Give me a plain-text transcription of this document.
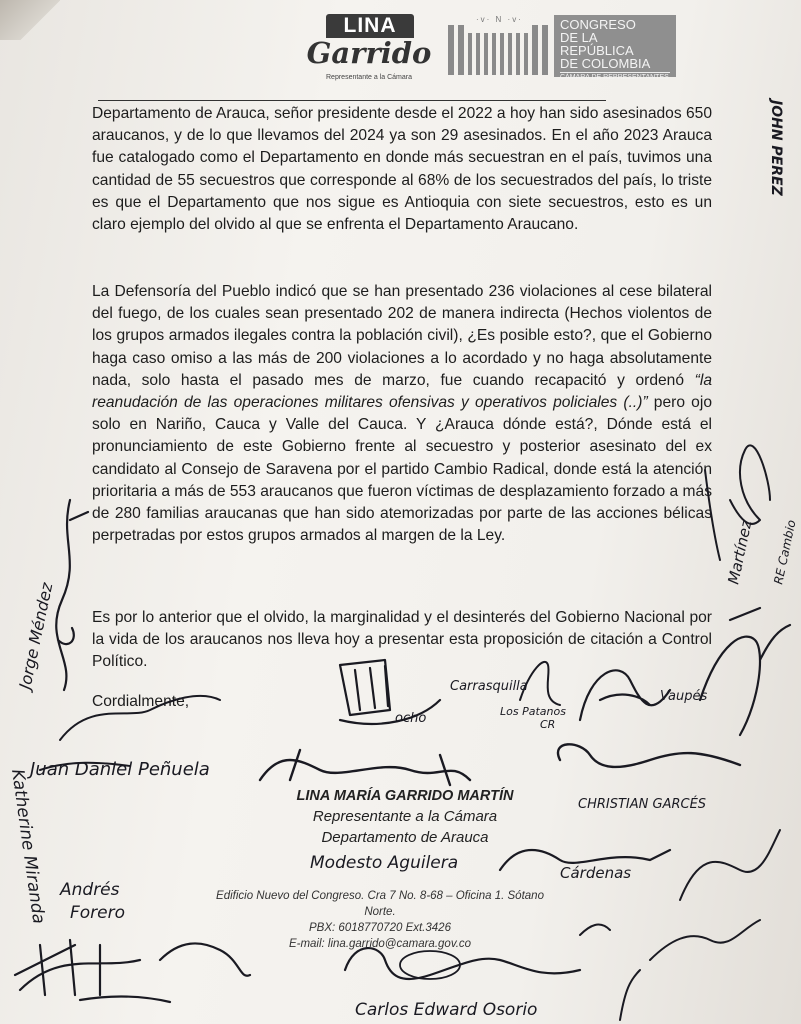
LINA
Garrido
Representante a la Cámara
·v· N ·v·	CONGRESO
DE LA REPÚBLICA
DE COLOMBIA
CÁMARA DE REPRESENTANTES

Departamento de Arauca, señor presidente desde el 2022 a hoy han sido asesinados 650 araucanos, y de lo que llevamos del 2024 ya son 29 asesinados. En el año 2023 Arauca fue catalogado como el Departamento en donde más secuestran en el país, tuvimos una cantidad de 55 secuestros que corresponde al 68% de los secuestrados del país, lo triste es que el Departamento que nos sigue es Antioquia con siete secuestros, esto es un claro ejemplo del olvido al que se enfrenta el Departamento Araucano.

La Defensoría del Pueblo indicó que se han presentado 236 violaciones al cese bilateral del fuego, de los cuales sean presentado 202 de manera indirecta (Hechos violentos de los grupos armados ilegales contra la población civil), ¿Es posible esto?, que el Gobierno haga caso omiso a las más de 200 violaciones a lo acordado y no haga absolutamente nada, solo hasta el pasado mes de marzo, fue cuando recapacitó y ordenó “la reanudación de las operaciones militares ofensivas y operativos policiales (..)” pero ojo solo en Nariño, Cauca y Valle del Cauca. Y ¿Arauca dónde está?, Dónde está el pronunciamiento de este Gobierno frente al secuestro y posterior asesinato del ex candidato al Consejo de Saravena por el partido Cambio Radical, donde está la atención prioritaria a más de 553 araucanos que fueron víctimas de desplazamiento forzado a más de 280 familias araucanas que han sido atemorizadas por parte de las acciones bélicas perpetradas por estos grupos armados al margen de la Ley.

Es por lo anterior que el olvido, la marginalidad y el desinterés del Gobierno Nacional por la vida de los araucanos nos lleva hoy a presentar esta proposición de citación a Control Político.

Cordialmente,
LINA MARÍA GARRIDO MARTÍN
Representante a la Cámara
Departamento de Arauca
Edificio Nuevo del Congreso. Cra 7 No. 8-68 – Oficina 1. Sótano Norte.
PBX: 6018770720 Ext.3426
E-mail: lina.garrido@camara.gov.co
JOHN PEREZ
Jorge Méndez
Martínez RE Cambio
Juan Daniel Peñuela
ocho
Carrasquilla
Los Patanos
CR
Vaupés
CHRISTIAN GARCÉS
Katherine Miranda Andrés
Forero
Modesto Aguilera	Cárdenas
Carlos Edward Osorio
